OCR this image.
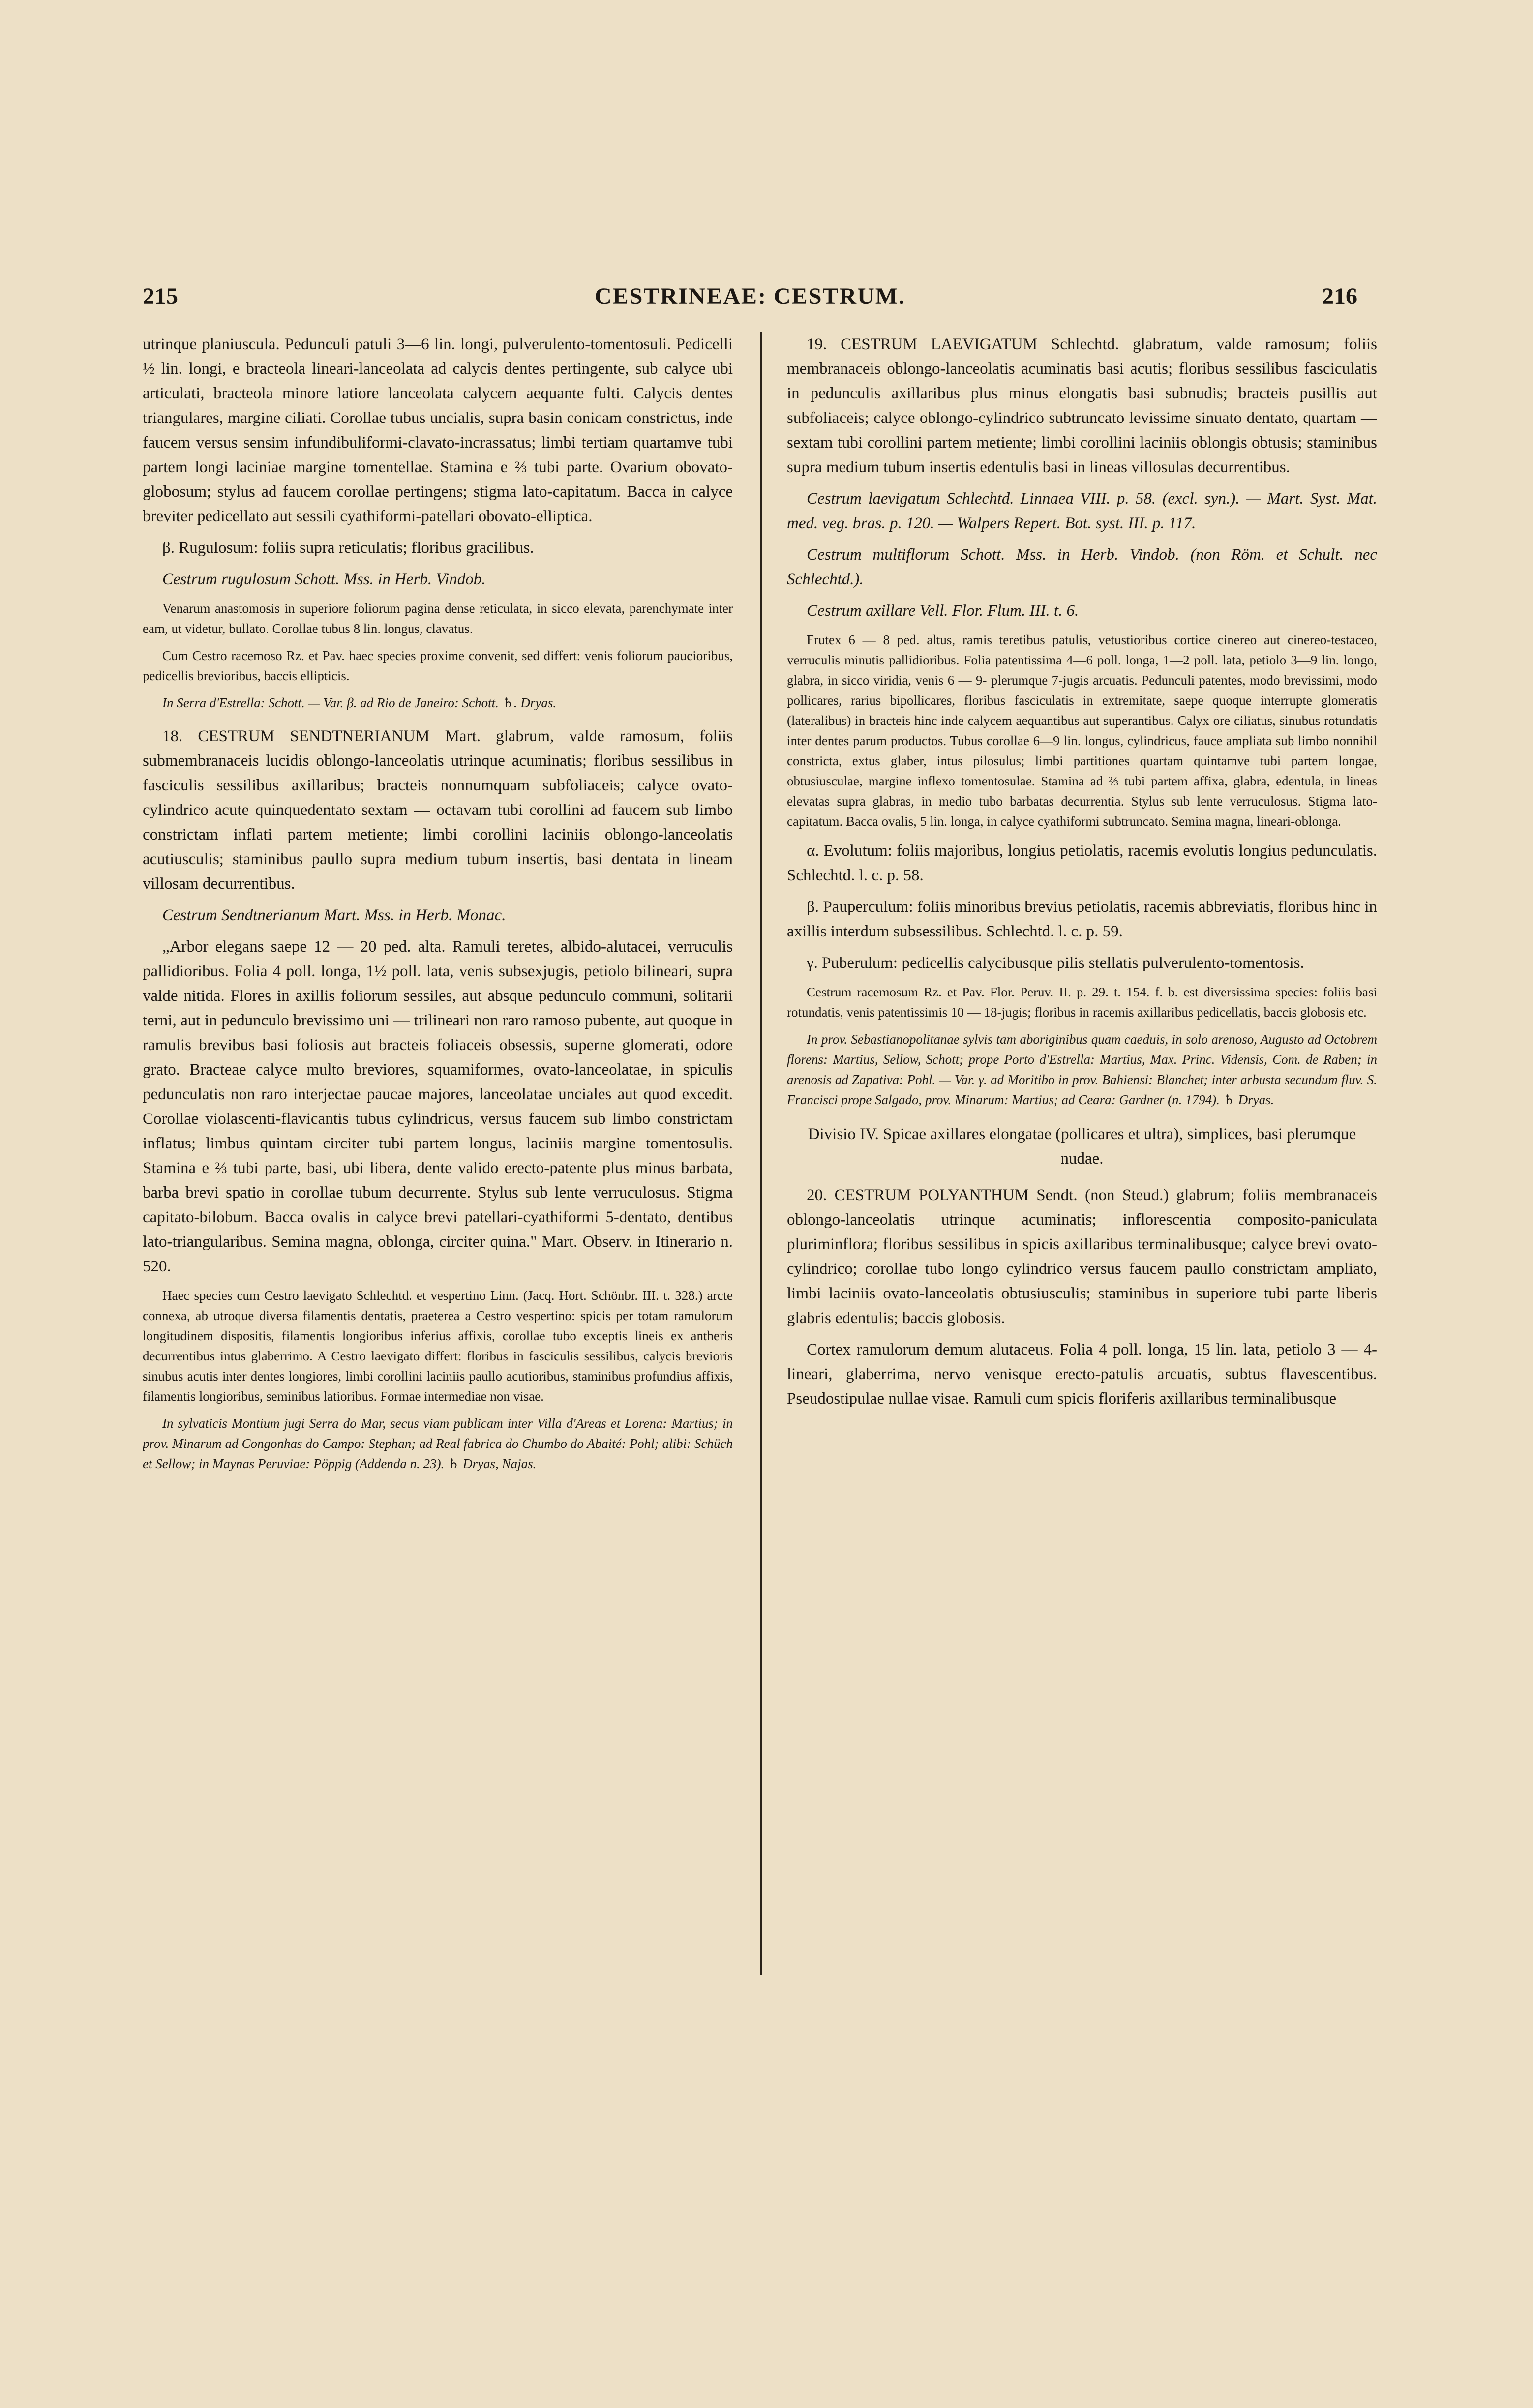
215	CESTRINEAE: CESTRUM.	216

utrinque planiuscula. Pedunculi patuli 3—6 lin. longi, pulverulento-tomentosuli. Pedicelli ½ lin. longi, e bracteola lineari-lanceolata ad calycis dentes pertingente, sub calyce ubi articulati, bracteola minore latiore lanceolata calycem aequante fulti. Calycis dentes triangulares, margine ciliati. Corollae tubus uncialis, supra basin conicam constrictus, inde faucem versus sensim infundibuliformi-clavato-incrassatus; limbi tertiam quartamve tubi partem longi laciniae margine tomentellae. Stamina e ⅔ tubi parte. Ovarium obovato-globosum; stylus ad faucem corollae pertingens; stigma lato-capitatum. Bacca in calyce breviter pedicellato aut sessili cyathiformi-patellari obovato-elliptica.

β. Rugulosum: foliis supra reticulatis; floribus gracilibus.

Cestrum rugulosum Schott. Mss. in Herb. Vindob.

Venarum anastomosis in superiore foliorum pagina dense reticulata, in sicco elevata, parenchymate inter eam, ut videtur, bullato. Corollae tubus 8 lin. longus, clavatus.

Cum Cestro racemoso Rz. et Pav. haec species proxime convenit, sed differt: venis foliorum paucioribus, pedicellis brevioribus, baccis ellipticis.

In Serra d'Estrella: Schott. — Var. β. ad Rio de Janeiro: Schott. ♄. Dryas.

18. CESTRUM SENDTNERIANUM Mart. glabrum, valde ramosum, foliis submembranaceis lucidis oblongo-lanceolatis utrinque acuminatis; floribus sessilibus in fasciculis sessilibus axillaribus; bracteis nonnumquam subfoliaceis; calyce ovato-cylindrico acute quinquedentato sextam — octavam tubi corollini ad faucem sub limbo constrictam inflati partem metiente; limbi corollini laciniis oblongo-lanceolatis acutiusculis; staminibus paullo supra medium tubum insertis, basi dentata in lineam villosam decurrentibus.

Cestrum Sendtnerianum Mart. Mss. in Herb. Monac.

„Arbor elegans saepe 12 — 20 ped. alta. Ramuli teretes, albido-alutacei, verruculis pallidioribus. Folia 4 poll. longa, 1½ poll. lata, venis subsexjugis, petiolo bilineari, supra valde nitida. Flores in axillis foliorum sessiles, aut absque pedunculo communi, solitarii terni, aut in pedunculo brevissimo uni — trilineari non raro ramoso pubente, aut quoque in ramulis brevibus basi foliosis aut bracteis foliaceis obsessis, superne glomerati, odore grato. Bracteae calyce multo breviores, squamiformes, ovato-lanceolatae, in spiculis pedunculatis non raro interjectae paucae majores, lanceolatae unciales aut quod excedit. Corollae violascenti-flavicantis tubus cylindricus, versus faucem sub limbo constrictam inflatus; limbus quintam circiter tubi partem longus, laciniis margine tomentosulis. Stamina e ⅔ tubi parte, basi, ubi libera, dente valido erecto-patente plus minus barbata, barba brevi spatio in corollae tubum decurrente. Stylus sub lente verruculosus. Stigma capitato-bilobum. Bacca ovalis in calyce brevi patellari-cyathiformi 5-dentato, dentibus lato-triangularibus. Semina magna, oblonga, circiter quina." Mart. Observ. in Itinerario n. 520.

Haec species cum Cestro laevigato Schlechtd. et vespertino Linn. (Jacq. Hort. Schönbr. III. t. 328.) arcte connexa, ab utroque diversa filamentis dentatis, praeterea a Cestro vespertino: spicis per totam ramulorum longitudinem dispositis, filamentis longioribus inferius affixis, corollae tubo exceptis lineis ex antheris decurrentibus intus glaberrimo. A Cestro laevigato differt: floribus in fasciculis sessilibus, calycis brevioris sinubus acutis inter dentes longiores, limbi corollini laciniis paullo acutioribus, staminibus profundius affixis, filamentis longioribus, seminibus latioribus. Formae intermediae non visae.

In sylvaticis Montium jugi Serra do Mar, secus viam publicam inter Villa d'Areas et Lorena: Martius; in prov. Minarum ad Congonhas do Campo: Stephan; ad Real fabrica do Chumbo do Abaité: Pohl; alibi: Schüch et Sellow; in Maynas Peruviae: Pöppig (Addenda n. 23). ♄ Dryas, Najas.

19. CESTRUM LAEVIGATUM Schlechtd. glabratum, valde ramosum; foliis membranaceis oblongo-lanceolatis acuminatis basi acutis; floribus sessilibus fasciculatis in pedunculis axillaribus plus minus elongatis basi subnudis; bracteis pusillis aut subfoliaceis; calyce oblongo-cylindrico subtruncato levissime sinuato dentato, quartam — sextam tubi corollini partem metiente; limbi corollini laciniis oblongis obtusis; staminibus supra medium tubum insertis edentulis basi in lineas villosulas decurrentibus.

Cestrum laevigatum Schlechtd. Linnaea VIII. p. 58. (excl. syn.). — Mart. Syst. Mat. med. veg. bras. p. 120. — Walpers Repert. Bot. syst. III. p. 117.

Cestrum multiflorum Schott. Mss. in Herb. Vindob. (non Röm. et Schult. nec Schlechtd.).

Cestrum axillare Vell. Flor. Flum. III. t. 6.

Frutex 6 — 8 ped. altus, ramis teretibus patulis, vetustioribus cortice cinereo aut cinereo-testaceo, verruculis minutis pallidioribus. Folia patentissima 4—6 poll. longa, 1—2 poll. lata, petiolo 3—9 lin. longo, glabra, in sicco viridia, venis 6 — 9- plerumque 7-jugis arcuatis. Pedunculi patentes, modo brevissimi, modo pollicares, rarius bipollicares, floribus fasciculatis in extremitate, saepe quoque interrupte glomeratis (lateralibus) in bracteis hinc inde calycem aequantibus aut superantibus. Calyx ore ciliatus, sinubus rotundatis inter dentes parum productos. Tubus corollae 6—9 lin. longus, cylindricus, fauce ampliata sub limbo nonnihil constricta, extus glaber, intus pilosulus; limbi partitiones quartam quintamve tubi partem longae, obtusiusculae, margine inflexo tomentosulae. Stamina ad ⅔ tubi partem affixa, glabra, edentula, in lineas elevatas supra glabras, in medio tubo barbatas decurrentia. Stylus sub lente verruculosus. Stigma lato-capitatum. Bacca ovalis, 5 lin. longa, in calyce cyathiformi subtruncato. Semina magna, lineari-oblonga.

α. Evolutum: foliis majoribus, longius petiolatis, racemis evolutis longius pedunculatis. Schlechtd. l. c. p. 58.

β. Pauperculum: foliis minoribus brevius petiolatis, racemis abbreviatis, floribus hinc in axillis interdum subsessilibus. Schlechtd. l. c. p. 59.

γ. Puberulum: pedicellis calycibusque pilis stellatis pulverulento-tomentosis.

Cestrum racemosum Rz. et Pav. Flor. Peruv. II. p. 29. t. 154. f. b. est diversissima species: foliis basi rotundatis, venis patentissimis 10 — 18-jugis; floribus in racemis axillaribus pedicellatis, baccis globosis etc.

In prov. Sebastianopolitanae sylvis tam aboriginibus quam caeduis, in solo arenoso, Augusto ad Octobrem florens: Martius, Sellow, Schott; prope Porto d'Estrella: Martius, Max. Princ. Vidensis, Com. de Raben; in arenosis ad Zapativa: Pohl. — Var. γ. ad Moritibo in prov. Bahiensi: Blanchet; inter arbusta secundum fluv. S. Francisci prope Salgado, prov. Minarum: Martius; ad Ceara: Gardner (n. 1794). ♄ Dryas.

Divisio IV. Spicae axillares elongatae (pollicares et ultra), simplices, basi plerumque nudae.

20. CESTRUM POLYANTHUM Sendt. (non Steud.) glabrum; foliis membranaceis oblongo-lanceolatis utrinque acuminatis; inflorescentia composito-paniculata pluriminflora; floribus sessilibus in spicis axillaribus terminalibusque; calyce brevi ovato-cylindrico; corollae tubo longo cylindrico versus faucem paullo constrictam ampliato, limbi laciniis ovato-lanceolatis obtusiusculis; staminibus in superiore tubi parte liberis glabris edentulis; baccis globosis.

Cortex ramulorum demum alutaceus. Folia 4 poll. longa, 15 lin. lata, petiolo 3 — 4-lineari, glaberrima, nervo venisque erecto-patulis arcuatis, subtus flavescentibus. Pseudostipulae nullae visae. Ramuli cum spicis floriferis axillaribus terminalibusque
